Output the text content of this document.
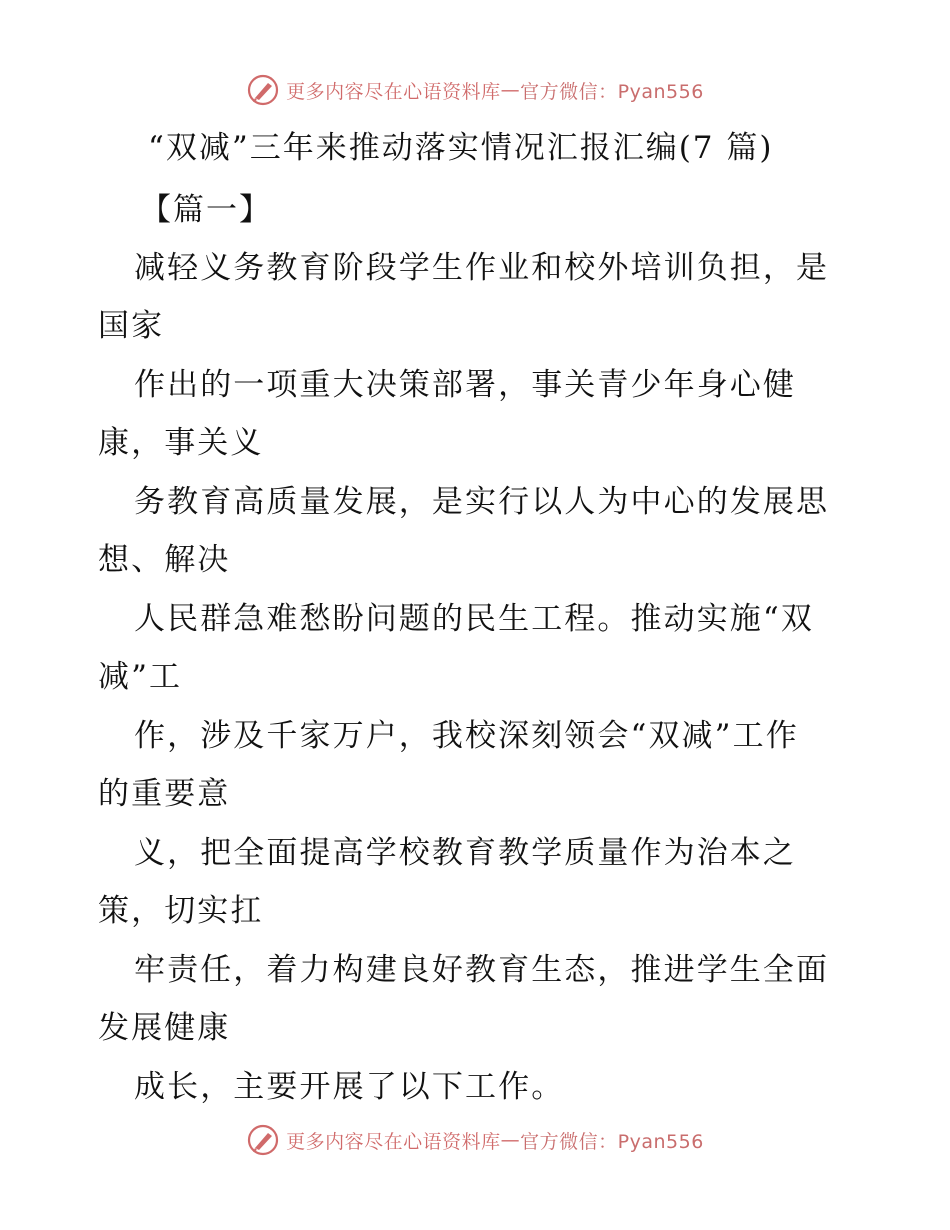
更多内容尽在心语资料库 — 官方微信：Pyan556
“双减”三年来推动落实情况汇报汇编(7 篇)
【篇一】
减轻义务教育阶段学生作业和校外培训负担，是
国家
作出的一项重大决策部署，事关青少年身心健
康，事关义
务教育高质量发展，是实行以人为中心的发展思
想、解决
人民群急难愁盼问题的民生工程。推动实施“双
减”工
作，涉及千家万户，我校深刻领会“双减”工作
的重要意
义，把全面提高学校教育教学质量作为治本之
策，切实扛
牢责任，着力构建良好教育生态，推进学生全面
发展健康
成长，主要开展了以下工作。
更多内容尽在心语资料库 — 官方微信：Pyan556
